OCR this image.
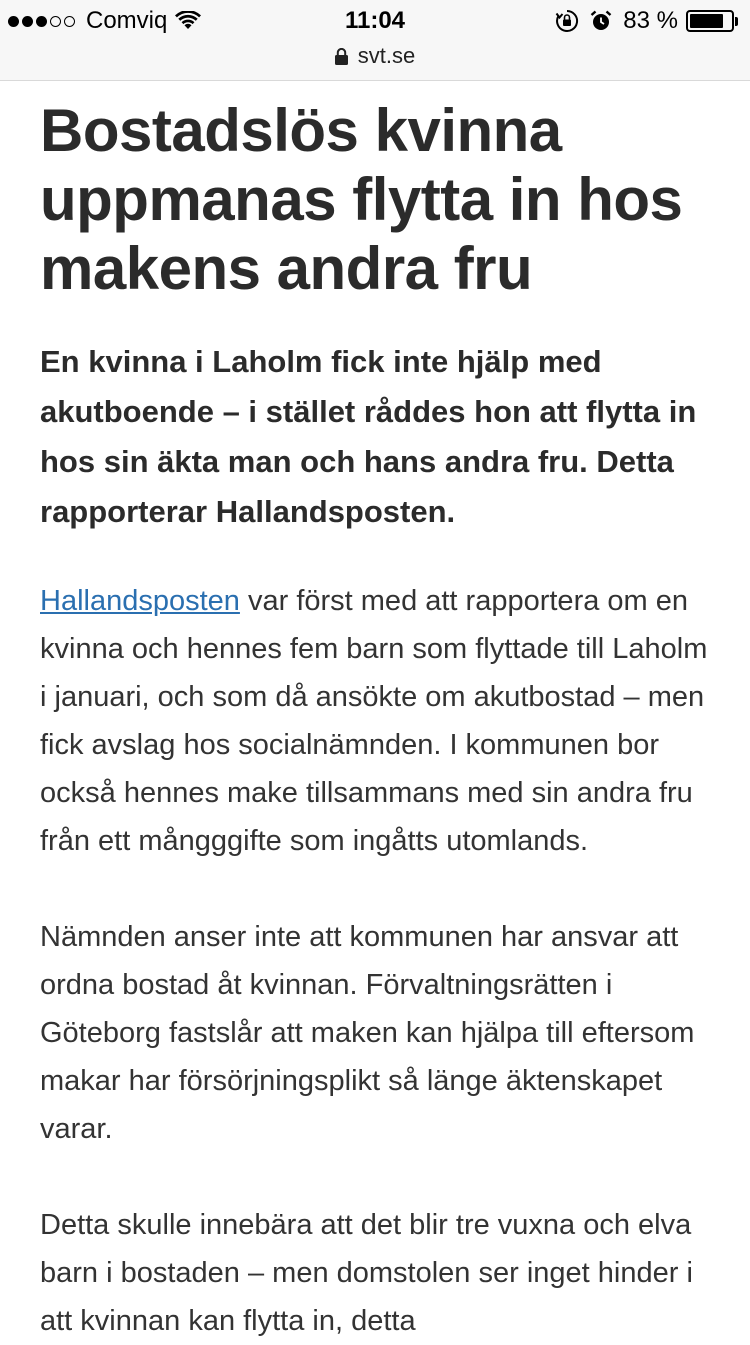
Comviq	11:04	83 %
svt.se
Bostadslös kvinna uppmanas flytta in hos makens andra fru

En kvinna i Laholm fick inte hjälp med akutboende – i stället råddes hon att flytta in hos sin äkta man och hans andra fru. Detta rapporterar Hallandsposten.

Hallandsposten var först med att rapportera om en kvinna och hennes fem barn som flyttade till Laholm i januari, och som då ansökte om akutbostad – men fick avslag hos socialnämnden. I kommunen bor också hennes make tillsammans med sin andra fru från ett mångggifte som ingåtts utomlands.

Nämnden anser inte att kommunen har ansvar att ordna bostad åt kvinnan. Förvaltningsrätten i Göteborg fastslår att maken kan hjälpa till eftersom makar har försörjningsplikt så länge äktenskapet varar.

Detta skulle innebära att det blir tre vuxna och elva barn i bostaden – men domstolen ser inget hinder i att kvinnan kan flytta in, detta
